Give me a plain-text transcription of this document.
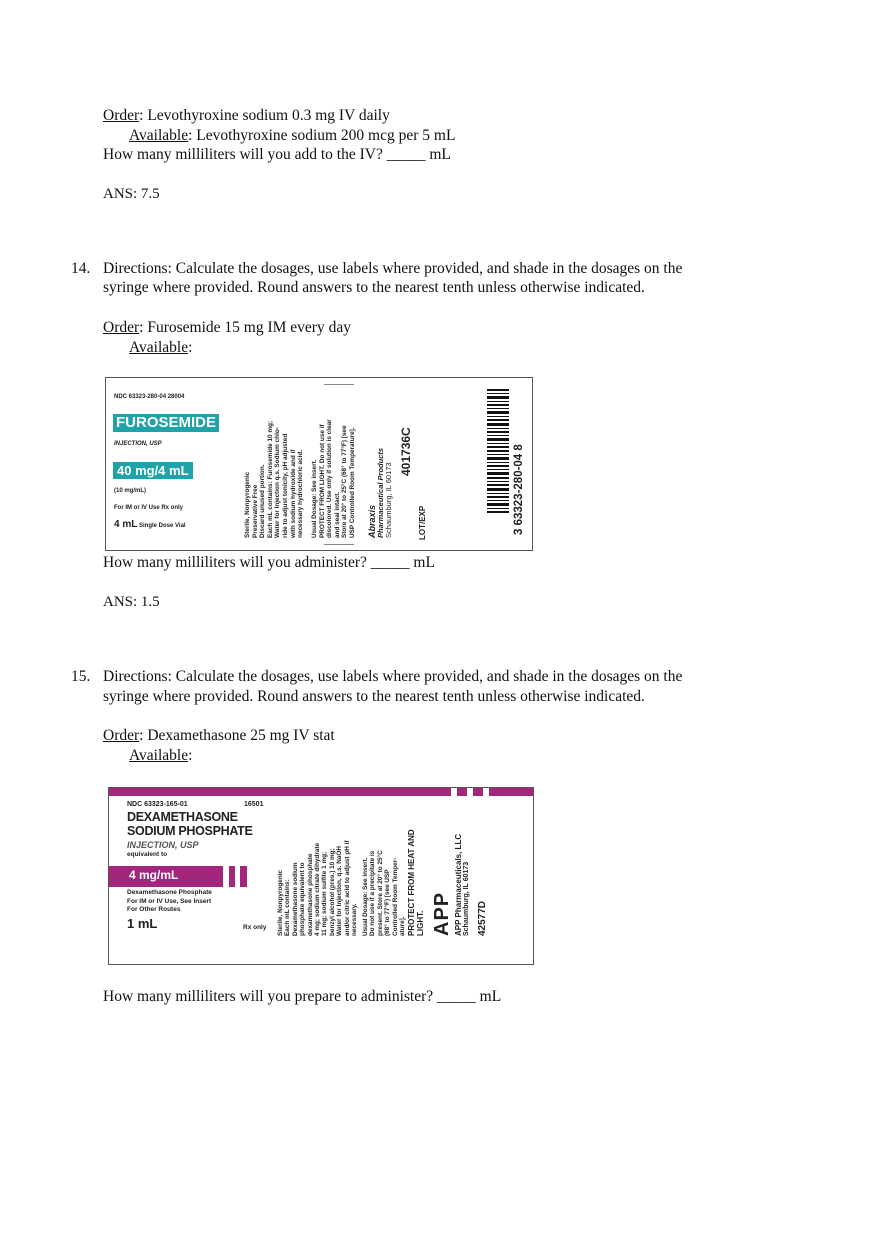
Order: Levothyroxine sodium 0.3 mg IV daily
Available: Levothyroxine sodium 200 mcg per 5 mL
How many milliliters will you add to the IV? _____ mL
ANS: 7.5
14. Directions: Calculate the dosages, use labels where provided, and shade in the dosages on the
syringe where provided. Round answers to the nearest tenth unless otherwise indicated.
Order: Furosemide 15 mg IM every day
Available:
NDC 63323-280-04 28004
FUROSEMIDE
INJECTION, USP
40 mg/4 mL
(10 mg/mL)
For IM or IV Use Rx only
4 mL Single Dose Vial	Sterile, Nonpyrogenic Preservative Free Discard unused portion. Each mL contains: Furosemide 10 mg; Water for Injection q.s. Sodium chlo- ride to adjust tonicity, pH adjusted with sodium hydroxide and if necessary hydrochloric acid. Usual Dosage: See insert. PROTECT FROM LIGHT. Do not use if discolored. Use only if solution is clear and seal intact. Store at 20° to 25°C (68° to 77°F) [see USP Controlled Room Temperature]. Abraxis
Pharmaceutical Products Schaumburg, IL 60173
401736C
LOT/EXP	3 63323-280-04 8
How many milliliters will you administer? _____ mL
ANS: 1.5
15. Directions: Calculate the dosages, use labels where provided, and shade in the dosages on the
syringe where provided. Round answers to the nearest tenth unless otherwise indicated.
Order: Dexamethasone 25 mg IV stat
Available:
NDC 63323-165-01	16501
DEXAMETHASONE
SODIUM PHOSPHATE
INJECTION, USP
equivalent to
4 mg/mL
Dexamethasone Phosphate
For IM or IV Use, See Insert
For Other Routes
1 mL	Rx only Sterile, Nonpyrogenic Each mL contains: Dexamethasone sodium phosphate equivalent to dexamethasone phosphate 4 mg; sodium citrate dihydrate 11 mg; sodium sulfite 1 mg; benzyl alcohol (pres.) 10 mg; Water for Injection, q.s. NaOH and/or citric acid to adjust pH if necessary. Usual Dosage: See insert. Do not use if a precipitate is present. Store at 20° to 25°C (68° to 77°F) [see USP Controlled Room Temper- ature]. PROTECT FROM HEAT AND LIGHT. APP APP Pharmaceuticals, LLC Schaumburg, IL 60173 42577D
How many milliliters will you prepare to administer? _____ mL
